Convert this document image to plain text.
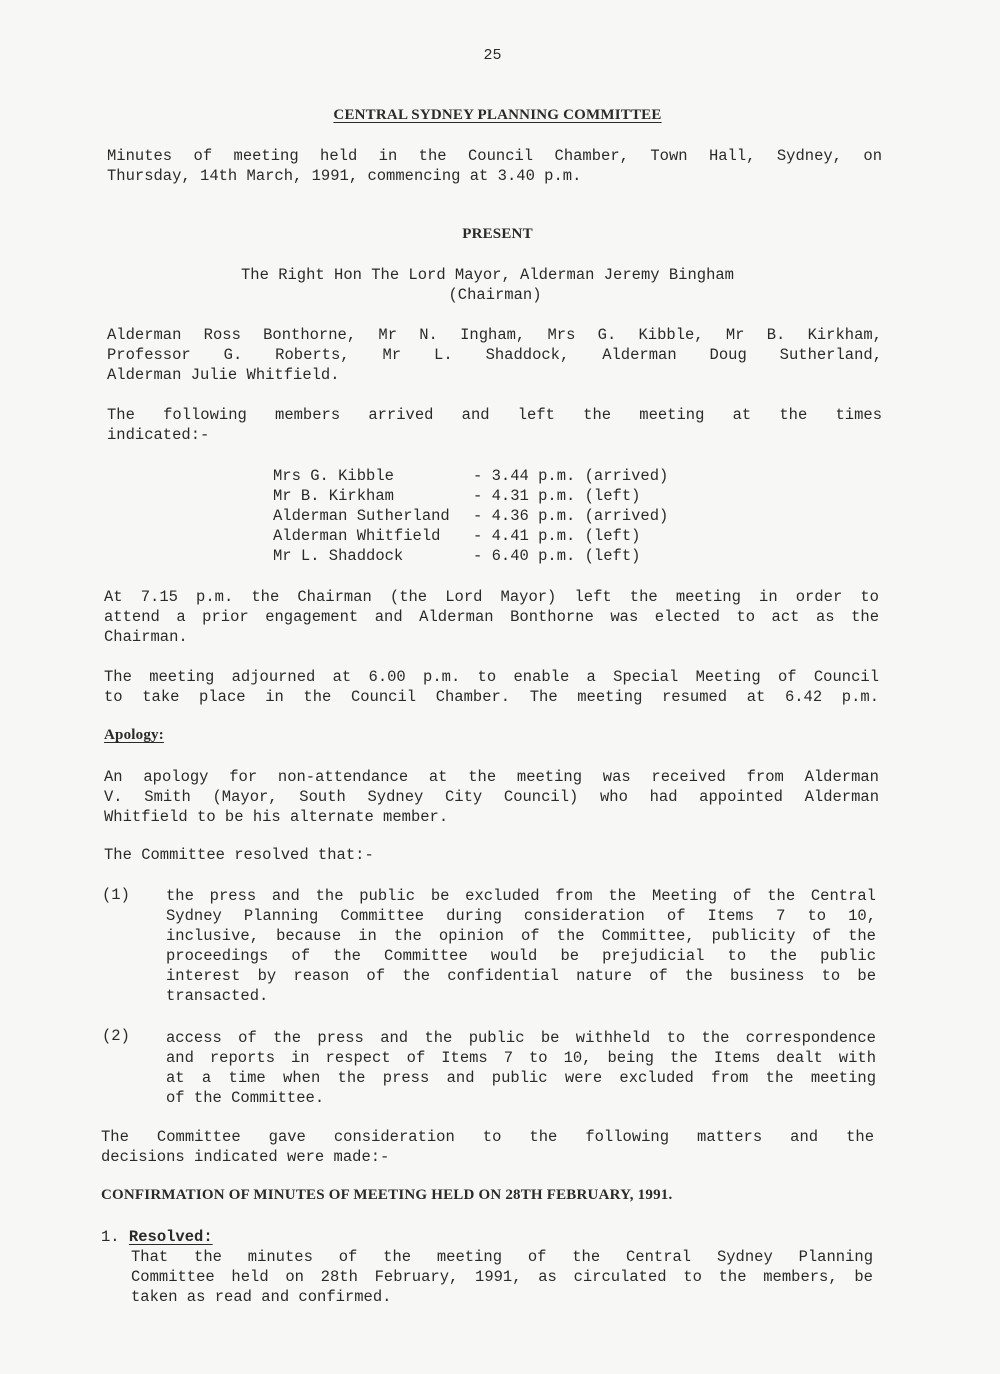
25
CENTRAL SYDNEY PLANNING COMMITTEE
Minutes of meeting held in the Council Chamber, Town Hall, Sydney, on
Thursday, 14th March, 1991, commencing at 3.40 p.m.
PRESENT
The Right Hon The Lord Mayor, Alderman Jeremy Bingham
(Chairman)
Alderman Ross Bonthorne, Mr N. Ingham, Mrs G. Kibble, Mr B. Kirkham,
Professor G. Roberts, Mr L. Shaddock, Alderman Doug Sutherland,
Alderman Julie Whitfield.
The following members arrived and left the meeting at the times
indicated:-
Mrs G. Kibble	- 3.44 p.m. (arrived)
Mr B. Kirkham	- 4.31 p.m. (left)
Alderman Sutherland - 4.36 p.m. (arrived)
Alderman Whitfield - 4.41 p.m. (left)
Mr L. Shaddock	- 6.40 p.m. (left)
At 7.15 p.m. the Chairman (the Lord Mayor) left the meeting in order to
attend a prior engagement and Alderman Bonthorne was elected to act as the
Chairman.
The meeting adjourned at 6.00 p.m. to enable a Special Meeting of Council
to take place in the Council Chamber. The meeting resumed at 6.42 p.m.
Apology:
An apology for non-attendance at the meeting was received from Alderman
V. Smith (Mayor, South Sydney City Council) who had appointed Alderman
Whitfield to be his alternate member.
The Committee resolved that:-
(1) the press and the public be excluded from the Meeting of the Central
Sydney Planning Committee during consideration of Items 7 to 10,
inclusive, because in the opinion of the Committee, publicity of the
proceedings of the Committee would be prejudicial to the public
interest by reason of the confidential nature of the business to be
transacted.
(2) access of the press and the public be withheld to the correspondence
and reports in respect of Items 7 to 10, being the Items dealt with
at a time when the press and public were excluded from the meeting
of the Committee.
The Committee gave consideration to the following matters and the
decisions indicated were made:-
CONFIRMATION OF MINUTES OF MEETING HELD ON 28TH FEBRUARY, 1991.
1. Resolved:
That the minutes of the meeting of the Central Sydney Planning
Committee held on 28th February, 1991, as circulated to the members, be
taken as read and confirmed.
